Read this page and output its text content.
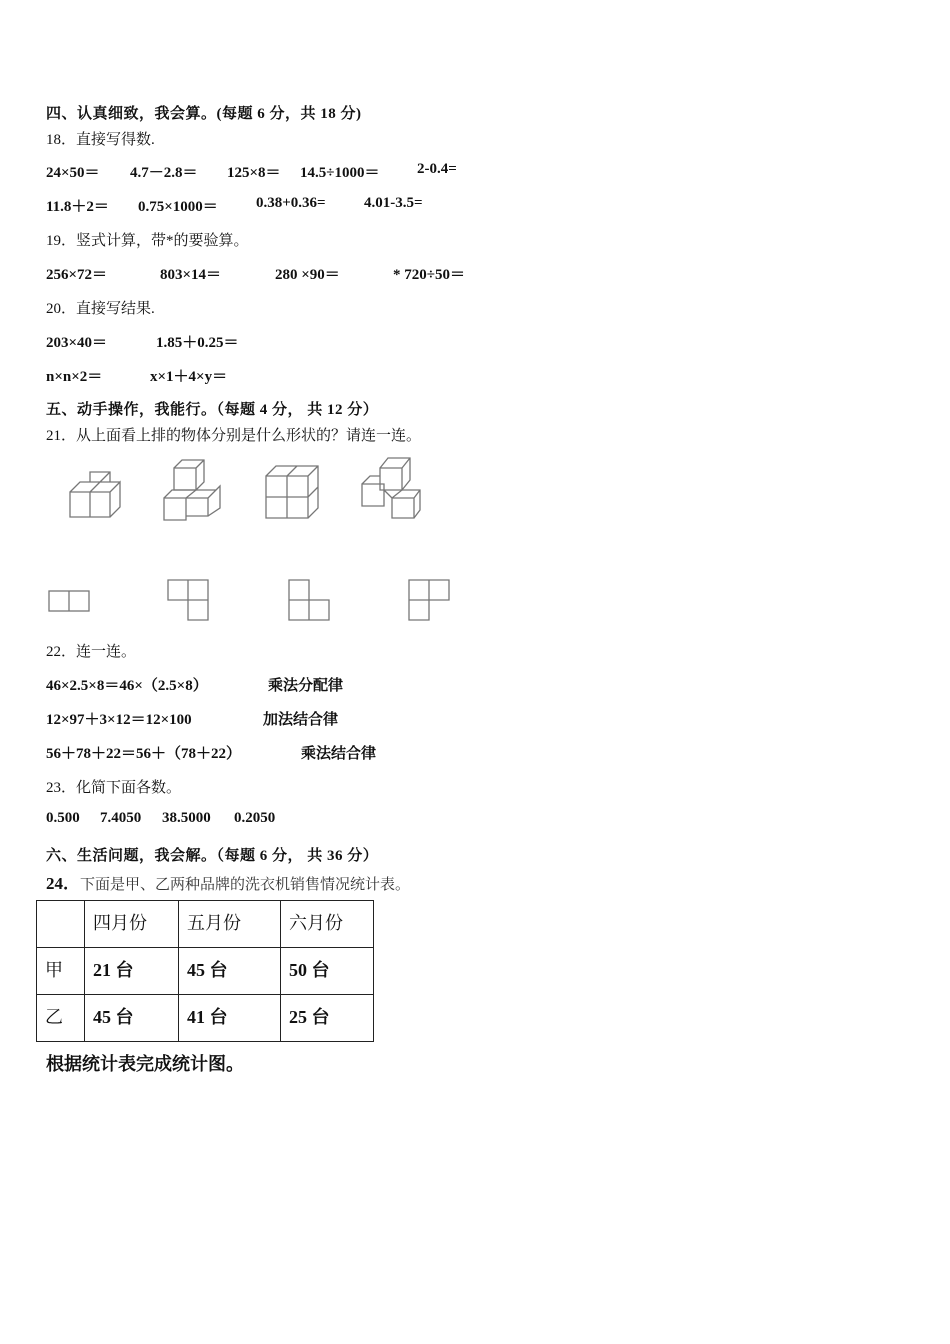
四、认真细致，我会算。(每题 6 分，共 18 分)
18．直接写得数.
24×50＝ 4.7－2.8＝ 125×8＝ 14.5÷1000＝	2-0.4=
11.8＋2＝ 0.75×1000＝	0.38+0.36=	4.01-3.5=
19．竖式计算，带*的要验算。
256×72＝	803×14＝	280 ×90＝	* 720÷50＝
20．直接写结果.
203×40＝	1.85＋0.25＝
n×n×2＝	x×1＋4×y＝
五、动手操作，我能行。（每题 4 分， 共 12 分）
21．从上面看上排的物体分别是什么形状的？请连一连。
22．连一连。
46×2.5×8＝46×（2.5×8）	乘法分配律
12×97＋3×12＝12×100	加法结合律
56＋78＋22＝56＋（78＋22）	乘法结合律
23．化简下面各数。
0.500 7.4050 38.5000 0.2050
六、生活问题，我会解。（每题 6 分， 共 36 分）
24．下面是甲、乙两种品牌的洗衣机销售情况统计表。
	四月份	五月份	六月份
甲	21 台	45 台	50 台
乙	45 台	41 台	25 台
根据统计表完成统计图。
